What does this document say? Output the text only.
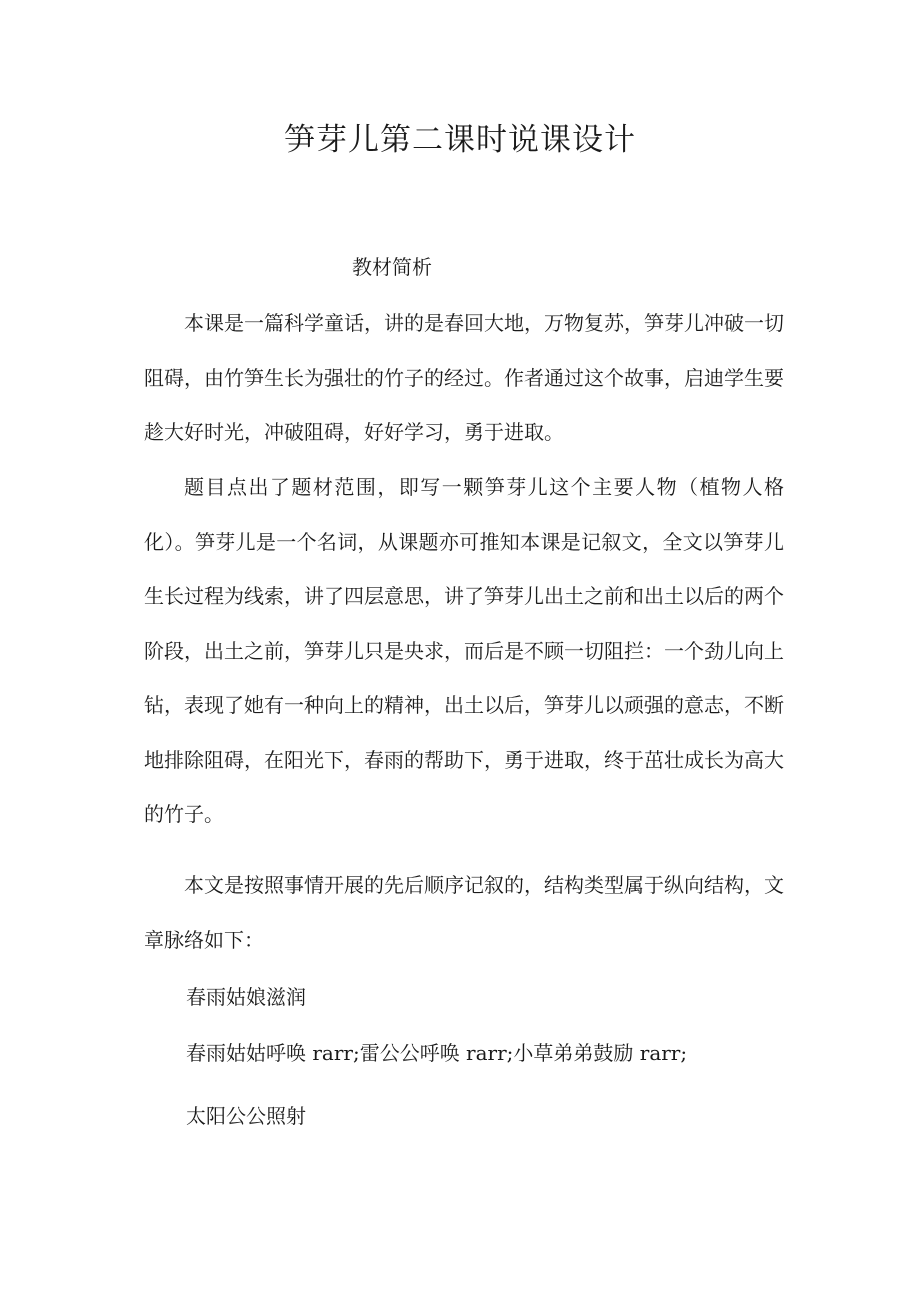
笋芽儿第二课时说课设计
教材简析

本课是一篇科学童话，讲的是春回大地，万物复苏，笋芽儿冲破一切阻碍，由竹笋生长为强壮的竹子的经过。作者通过这个故事，启迪学生要趁大好时光，冲破阻碍，好好学习，勇于进取。

题目点出了题材范围，即写一颗笋芽儿这个主要人物（植物人格化）。笋芽儿是一个名词，从课题亦可推知本课是记叙文，全文以笋芽儿生长过程为线索，讲了四层意思，讲了笋芽儿出土之前和出土以后的两个阶段，出土之前，笋芽儿只是央求，而后是不顾一切阻拦：一个劲儿向上钻，表现了她有一种向上的精神，出土以后，笋芽儿以顽强的意志，不断地排除阻碍，在阳光下，春雨的帮助下，勇于进取，终于茁壮成长为高大的竹子。

本文是按照事情开展的先后顺序记叙的，结构类型属于纵向结构，文章脉络如下：

春雨姑娘滋润
春雨姑姑呼唤 rarr;雷公公呼唤 rarr;小草弟弟鼓励 rarr;
太阳公公照射
